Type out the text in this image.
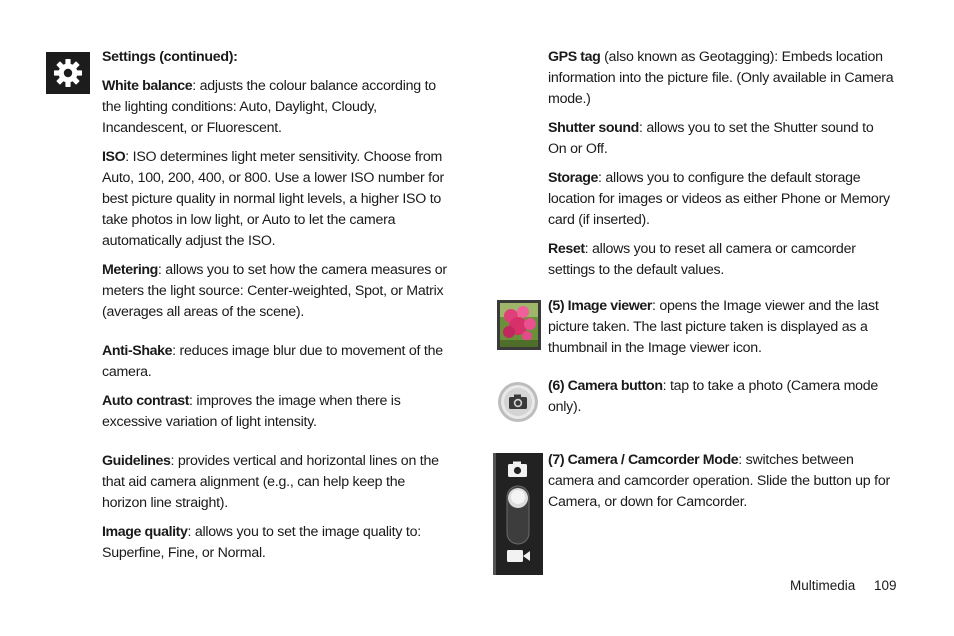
Settings (continued):

White balance: adjusts the colour balance according to the lighting conditions: Auto, Daylight, Cloudy, Incandescent, or Fluorescent.

ISO: ISO determines light meter sensitivity. Choose from Auto, 100, 200, 400, or 800. Use a lower ISO number for best picture quality in normal light levels, a higher ISO to take photos in low light, or Auto to let the camera automatically adjust the ISO.

Metering: allows you to set how the camera measures or meters the light source: Center-weighted, Spot, or Matrix (averages all areas of the scene).

Anti-Shake: reduces image blur due to movement of the camera.

Auto contrast: improves the image when there is excessive variation of light intensity.

Guidelines: provides vertical and horizontal lines on the that aid camera alignment (e.g., can help keep the horizon line straight).

Image quality: allows you to set the image quality to: Superfine, Fine, or Normal.

GPS tag (also known as Geotagging): Embeds location information into the picture file. (Only available in Camera mode.)

Shutter sound: allows you to set the Shutter sound to On or Off.

Storage: allows you to configure the default storage location for images or videos as either Phone or Memory card (if inserted).

Reset: allows you to reset all camera or camcorder settings to the default values.

(5) Image viewer: opens the Image viewer and the last picture taken. The last picture taken is displayed as a thumbnail in the Image viewer icon.

(6) Camera button: tap to take a photo (Camera mode only).

(7) Camera / Camcorder Mode: switches between camera and camcorder operation. Slide the button up for Camera, or down for Camcorder.

Multimedia 109
